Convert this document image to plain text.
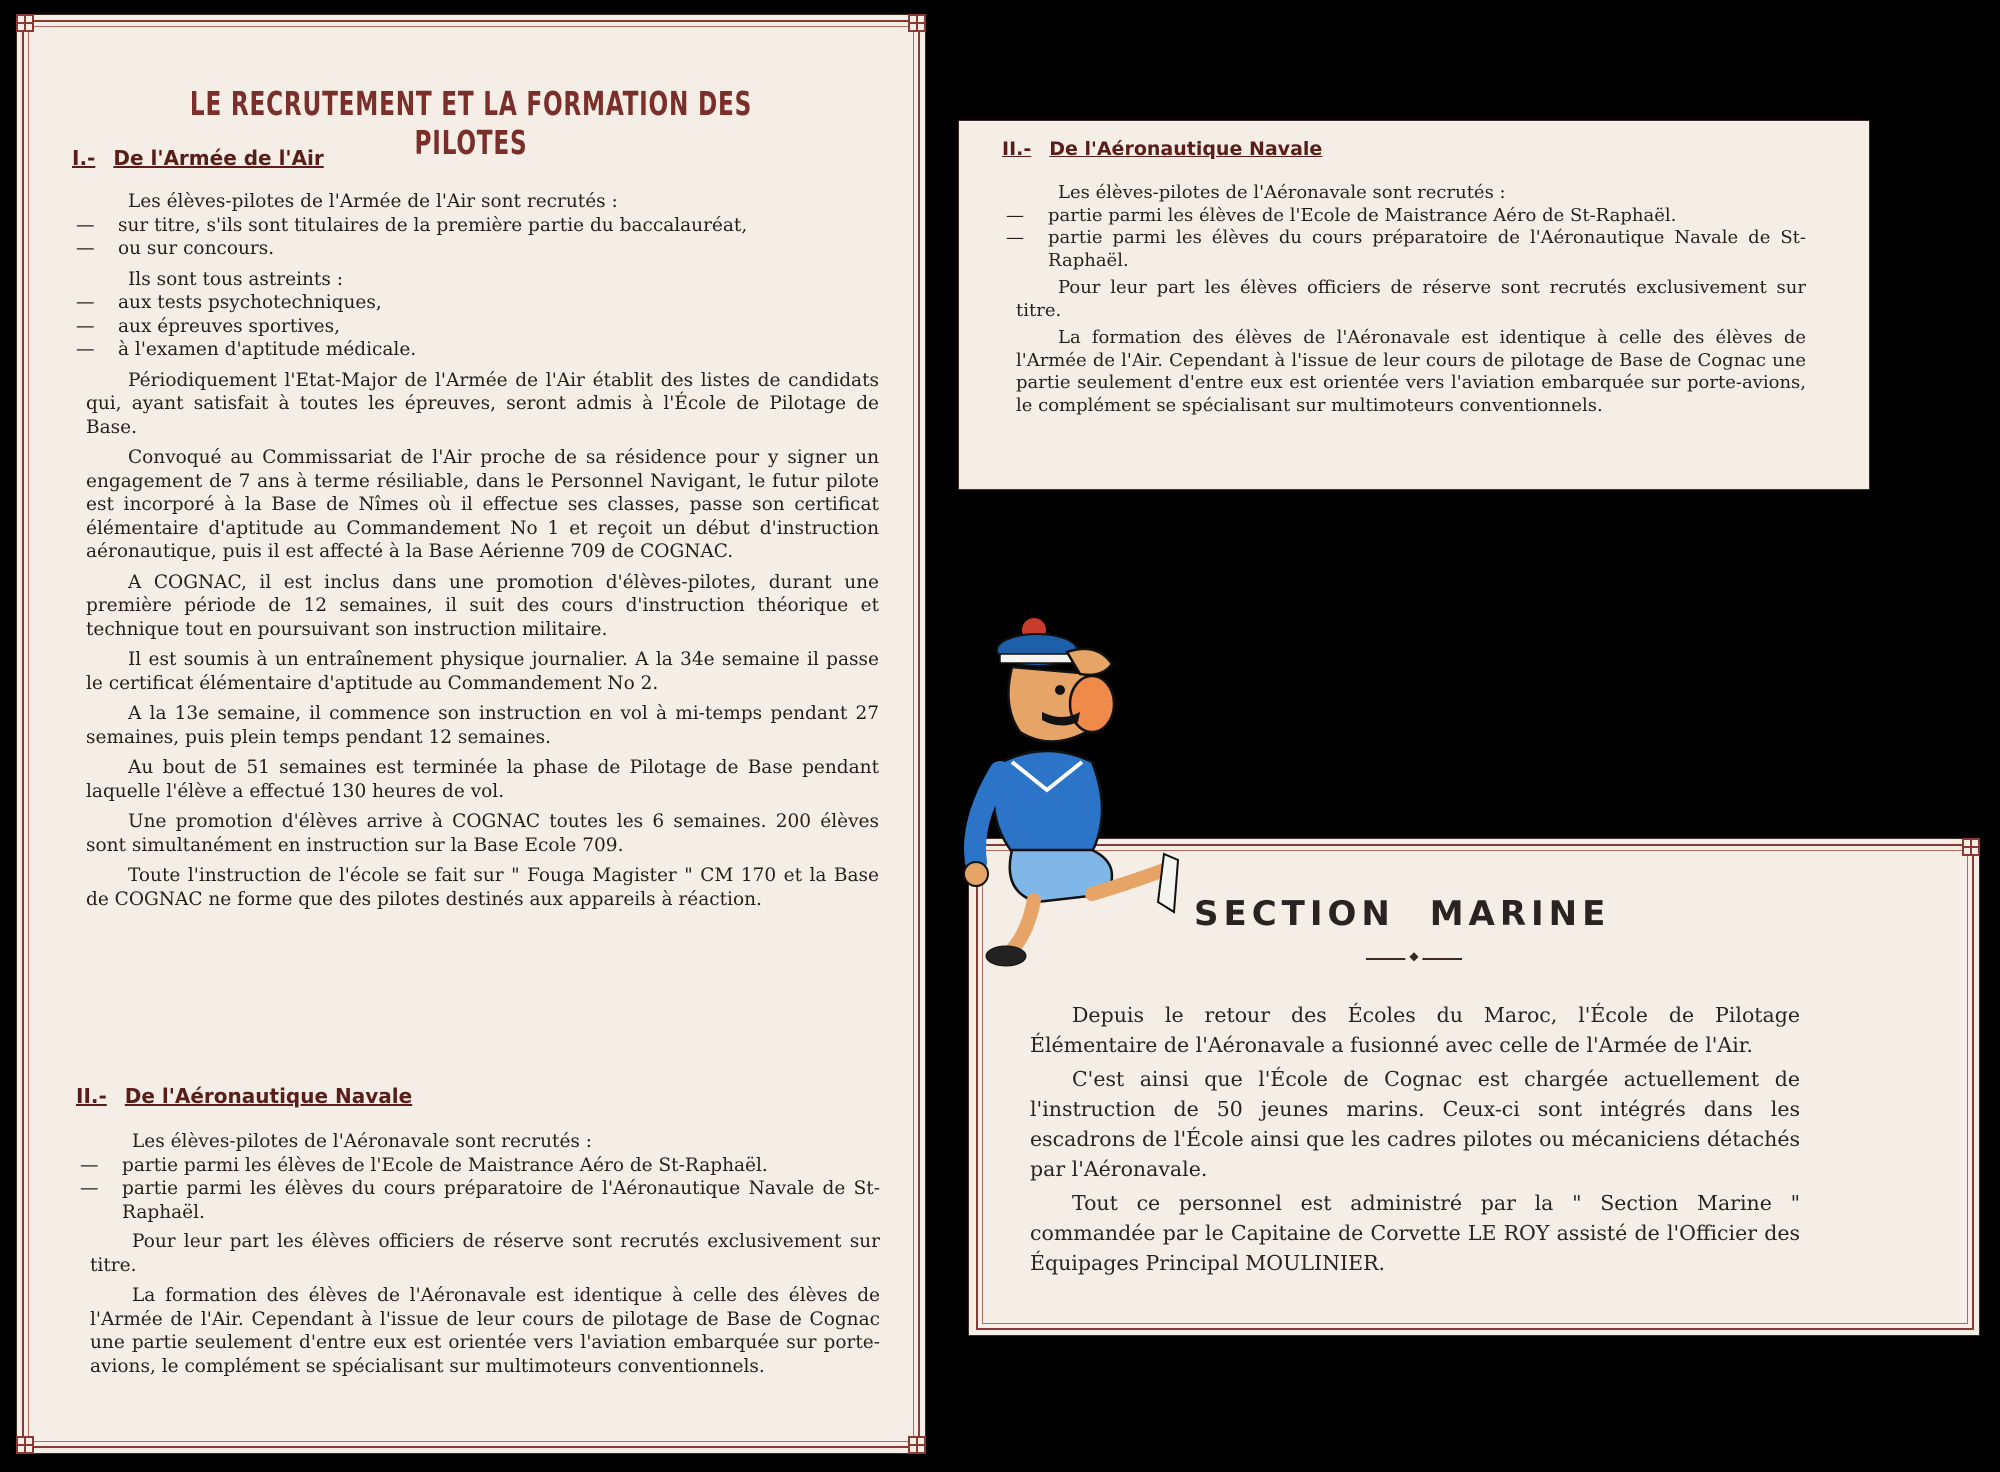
LE RECRUTEMENT ET LA FORMATION DES PILOTES
I.- De l'Armée de l'Air

Les élèves-pilotes de l'Armée de l'Air sont recrutés :

—	sur titre, s'ils sont titulaires de la première partie du baccalauréat,
—	ou sur concours.

Ils sont tous astreints :

—	aux tests psychotechniques,
—	aux épreuves sportives,
—	à l'examen d'aptitude médicale.

Périodiquement l'Etat-Major de l'Armée de l'Air établit des listes de candidats qui, ayant satisfait à toutes les épreuves, seront admis à l'École de Pilotage de Base.

Convoqué au Commissariat de l'Air proche de sa résidence pour y signer un engagement de 7 ans à terme résiliable, dans le Personnel Navigant, le futur pilote est incorporé à la Base de Nîmes où il effectue ses classes, passe son certificat élémentaire d'aptitude au Commandement No 1 et reçoit un début d'instruction aéronautique, puis il est affecté à la Base Aérienne 709 de COGNAC.

A COGNAC, il est inclus dans une promotion d'élèves-pilotes, durant une première période de 12 semaines, il suit des cours d'instruction théorique et technique tout en poursuivant son instruction militaire.

Il est soumis à un entraînement physique journalier. A la 34e semaine il passe le certificat élémentaire d'aptitude au Commandement No 2.

A la 13e semaine, il commence son instruction en vol à mi-temps pendant 27 semaines, puis plein temps pendant 12 semaines.

Au bout de 51 semaines est terminée la phase de Pilotage de Base pendant laquelle l'élève a effectué 130 heures de vol.

Une promotion d'élèves arrive à COGNAC toutes les 6 semaines. 200 élèves sont simultanément en instruction sur la Base Ecole 709.

Toute l'instruction de l'école se fait sur " Fouga Magister " CM 170 et la Base de COGNAC ne forme que des pilotes destinés aux appareils à réaction.

II.- De l'Aéronautique Navale

Les élèves-pilotes de l'Aéronavale sont recrutés :

—	partie parmi les élèves de l'Ecole de Maistrance Aéro de St-Raphaël.
—	partie parmi les élèves du cours préparatoire de l'Aéronautique Navale de St-Raphaël.

Pour leur part les élèves officiers de réserve sont recrutés exclusivement sur titre.

La formation des élèves de l'Aéronavale est identique à celle des élèves de l'Armée de l'Air. Cependant à l'issue de leur cours de pilotage de Base de Cognac une partie seulement d'entre eux est orientée vers l'aviation embarquée sur porte-avions, le complément se spécialisant sur multimoteurs conventionnels.

II.- De l'Aéronautique Navale

Les élèves-pilotes de l'Aéronavale sont recrutés :

—	partie parmi les élèves de l'Ecole de Maistrance Aéro de St-Raphaël.
—	partie parmi les élèves du cours préparatoire de l'Aéronautique Navale de St-Raphaël.

Pour leur part les élèves officiers de réserve sont recrutés exclusivement sur titre.

La formation des élèves de l'Aéronavale est identique à celle des élèves de l'Armée de l'Air. Cependant à l'issue de leur cours de pilotage de Base de Cognac une partie seulement d'entre eux est orientée vers l'aviation embarquée sur porte-avions, le complément se spécialisant sur multimoteurs conventionnels.

SECTION MARINE
◆

Depuis le retour des Écoles du Maroc, l'École de Pilotage Élémentaire de l'Aéronavale a fusionné avec celle de l'Armée de l'Air.

C'est ainsi que l'École de Cognac est chargée actuellement de l'instruction de 50 jeunes marins. Ceux-ci sont intégrés dans les escadrons de l'École ainsi que les cadres pilotes ou mécaniciens détachés par l'Aéronavale.

Tout ce personnel est administré par la " Section Marine " commandée par le Capitaine de Corvette LE ROY assisté de l'Officier des Équipages Principal MOULINIER.
